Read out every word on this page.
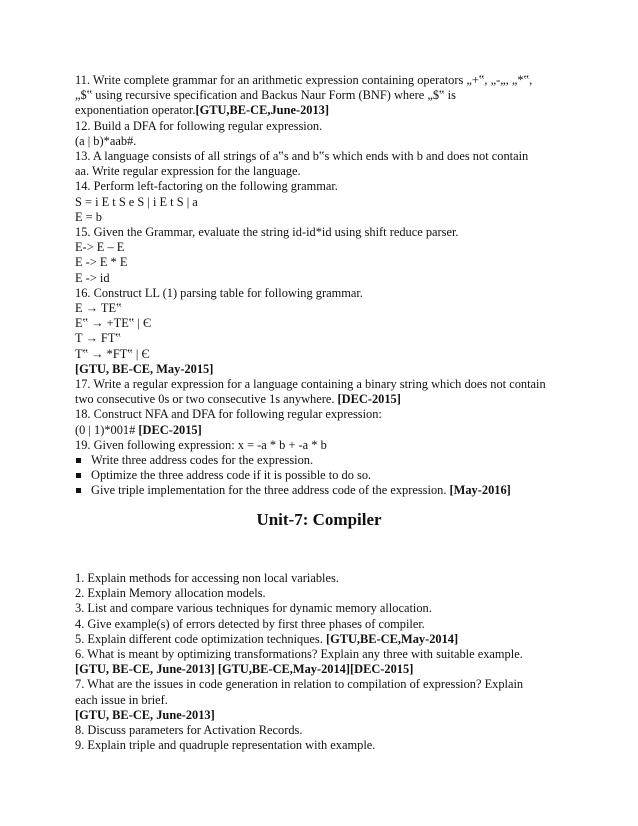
11. Write complete grammar for an arithmetic expression containing operators „+‟, „-„, „*‟,
„$‟ using recursive specification and Backus Naur Form (BNF) where „$‟ is
exponentiation operator.[GTU,BE-CE,June-2013]
12. Build a DFA for following regular expression.
(a | b)*aab#.
13. A language consists of all strings of a‟s and b‟s which ends with b and does not contain
aa. Write regular expression for the language.
14. Perform left-factoring on the following grammar.
S = i E t S e S | i E t S | a
E = b
15. Given the Grammar, evaluate the string id-id*id using shift reduce parser.
E-> E – E
E -> E * E
E -> id
16. Construct LL (1) parsing table for following grammar.
E → TE‟
E‟ → +TE‟ | Є
T → FT‟
T‟ → *FT‟ | Є
[GTU, BE-CE, May-2015]
17. Write a regular expression for a language containing a binary string which does not contain
two consecutive 0s or two consecutive 1s anywhere. [DEC-2015]
18. Construct NFA and DFA for following regular expression:
(0 | 1)*001# [DEC-2015]
19. Given following expression: x = -a * b + -a * b
Write three address codes for the expression.
Optimize the three address code if it is possible to do so.
Give triple implementation for the three address code of the expression. [May-2016]
Unit-7: Compiler
1. Explain methods for accessing non local variables.
2. Explain Memory allocation models.
3. List and compare various techniques for dynamic memory allocation.
4. Give example(s) of errors detected by first three phases of compiler.
5. Explain different code optimization techniques. [GTU,BE-CE,May-2014]
6. What is meant by optimizing transformations? Explain any three with suitable example.
[GTU, BE-CE, June-2013] [GTU,BE-CE,May-2014][DEC-2015]
7. What are the issues in code generation in relation to compilation of expression? Explain
each issue in brief.
[GTU, BE-CE, June-2013]
8. Discuss parameters for Activation Records.
9. Explain triple and quadruple representation with example.
